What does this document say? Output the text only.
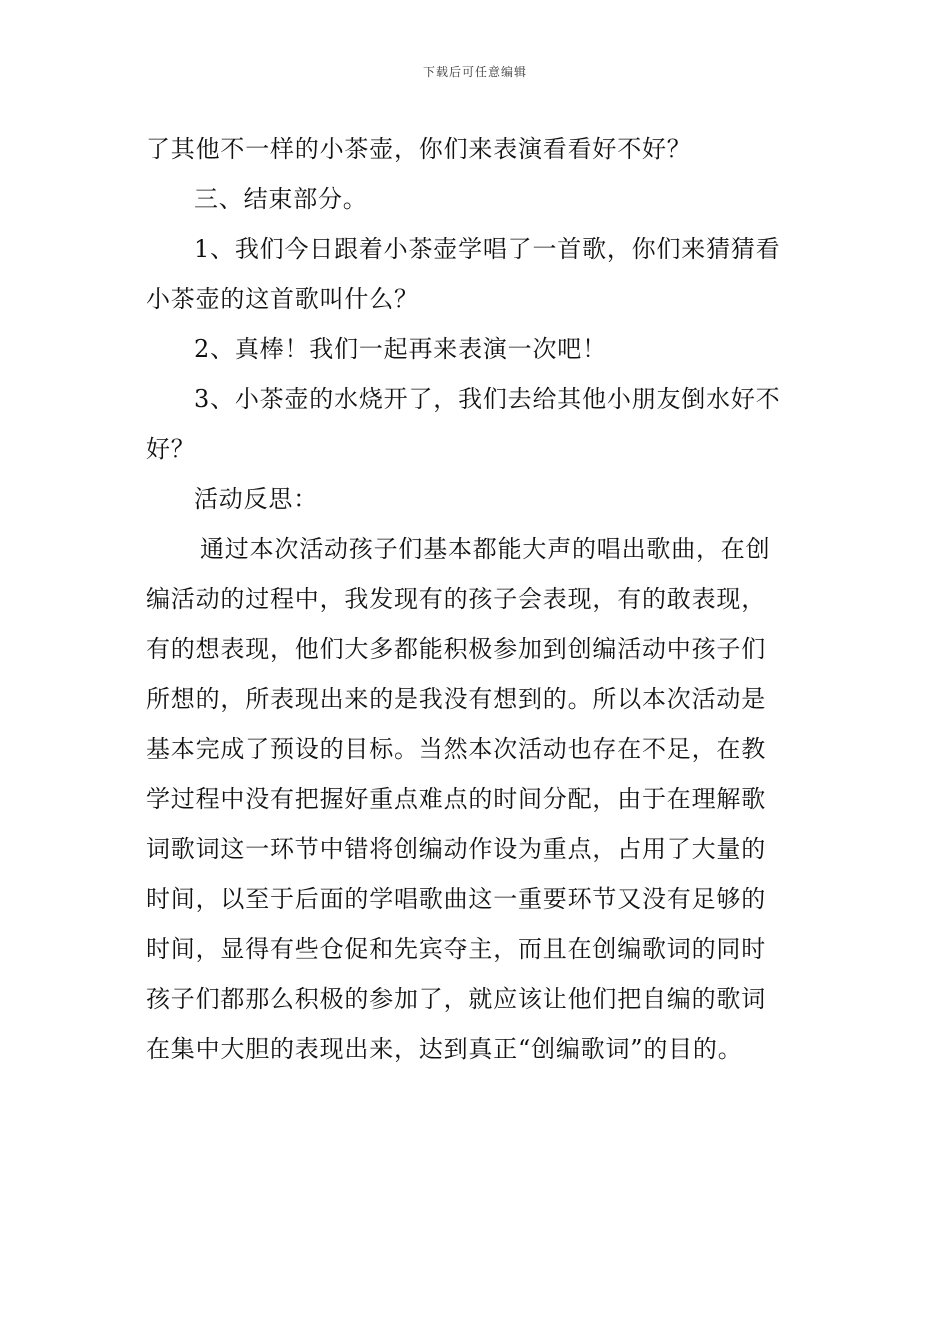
下载后可任意编辑
了其他不一样的小茶壶，你们来表演看看好不好？
三、结束部分。
1、我们今日跟着小茶壶学唱了一首歌，你们来猜猜看
小茶壶的这首歌叫什么？
2、真棒！我们一起再来表演一次吧！
3、小茶壶的水烧开了，我们去给其他小朋友倒水好不
好？
活动反思：
通过本次活动孩子们基本都能大声的唱出歌曲，在创
编活动的过程中，我发现有的孩子会表现，有的敢表现，
有的想表现，他们大多都能积极参加到创编活动中孩子们
所想的，所表现出来的是我没有想到的。所以本次活动是
基本完成了预设的目标。当然本次活动也存在不足，在教
学过程中没有把握好重点难点的时间分配，由于在理解歌
词歌词这一环节中错将创编动作设为重点，占用了大量的
时间，以至于后面的学唱歌曲这一重要环节又没有足够的
时间，显得有些仓促和先宾夺主，而且在创编歌词的同时
孩子们都那么积极的参加了，就应该让他们把自编的歌词
在集中大胆的表现出来，达到真正“创编歌词”的目的。
